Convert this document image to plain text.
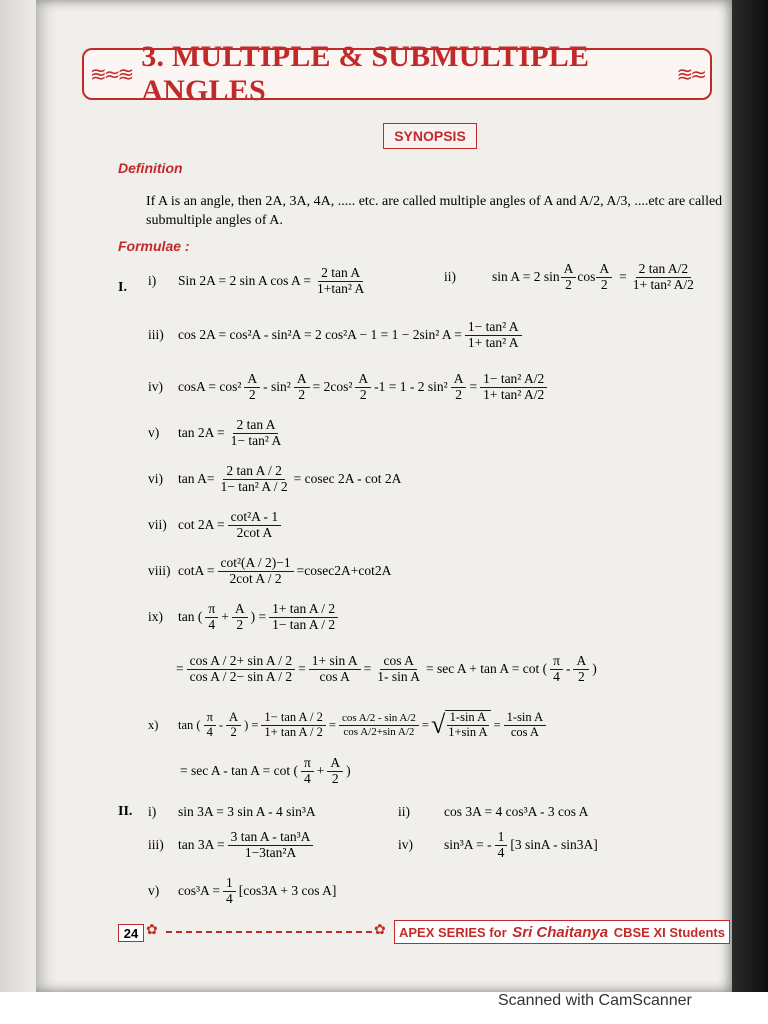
≋≈≋
3. MULTIPLE & SUBMULTIPLE ANGLES	≋≈
SYNOPSIS
Definition
If A is an angle, then 2A, 3A, 4A, ..... etc. are called multiple angles of A and A/2, A/3, ....etc are called submultiple angles of A.
Formulae :
I. i)	Sin 2A = 2 sin A $\cos A = \frac{\text{2 tan A}}{\text{1+tan² A}}$	ii)	sin A = 2 $\sin \frac{A}{2}$ $\cos \frac{A}{2} = \frac{\text{2 tan A/2}}{\text{1+ tan² A/2}}$
iii)	cos 2A = cos²A - sin²A = 2 cos²A − 1 = 1 − 2sin² $A = \frac{\text{1− tan² A}}{\text{1+ tan² A}}$
iv)	$\cos A = \cos^2 \frac{A}{2} - \sin^2 \frac{A}{2} = 2\cos^2 \frac{A}{2} -1 = 1 - 2$ $\sin^2 \frac{A}{2} = \frac{\text{1− tan² A/2}}{\text{1+ tan² A/2}}$
v)	$\tan 2A = \frac{\text{2 tan A}}{\text{1− tan² A}}$
vi)	$\tan A= \frac{\text{2 tan A / 2}}{\text{1− tan² A / 2}} = cosec$ 2A - cot 2A
vii) $\cot 2A = \frac{\text{cot²A - 1}}{\text{2cot A}}$
viii) $\cot A = \frac{\text{cot²(A / 2)−1}}{\text{2cot A / 2}} =cosec2A+\cot 2A$
ix)	tan ( $\frac{\pi}{4} + \frac{A}{2}$ ) = $\frac{\text{1+ tan A / 2}}{\text{1− tan A / 2}}$
= $\frac{\text{cos A / 2+ sin A / 2}}{\text{cos A / 2− sin A / 2}} = \frac{\text{1+ sin A}}{\text{cos A}} = \frac{\text{cos A}}{\text{1- sin A}} = \sec A + \tan A = \cot$ ( $\frac{\pi}{4} - \frac{A}{2}$ )
x)	tan ( $\frac{\pi}{4} - \frac{A}{2}$ ) = $\frac{\text{1− tan A / 2}}{\text{1+ tan A / 2}} = \frac{\text{cos A/2 - sin A/2}}{\text{cos A/2+sin A/2}}$ = √ $\frac{\text{1-sin A}}{\text{1+sin A}} = \frac{\text{1-sin A}}{\text{cos A}}$
= sec A - tan A = cot ( $\frac{\pi}{4} + \frac{A}{2}$ )
II. i)	sin 3A = 3 sin A - 4 sin³A	ii)	cos 3A = 4 cos³A - 3 cos A
iii)	$\tan 3A = \frac{\text{3 tan A - tan³A}}{\text{1−3tan²A}}$	iv)	sin³A = - $\frac{1}{4} [3$ sinA - sin3A]
v)	$\cos^3A = \frac{1}{4} [\cos 3A + 3$ cos A]
24 ✿	✿ APEX SERIES for Sri Chaitanya CBSE XI Students
Scanned with CamScanner
